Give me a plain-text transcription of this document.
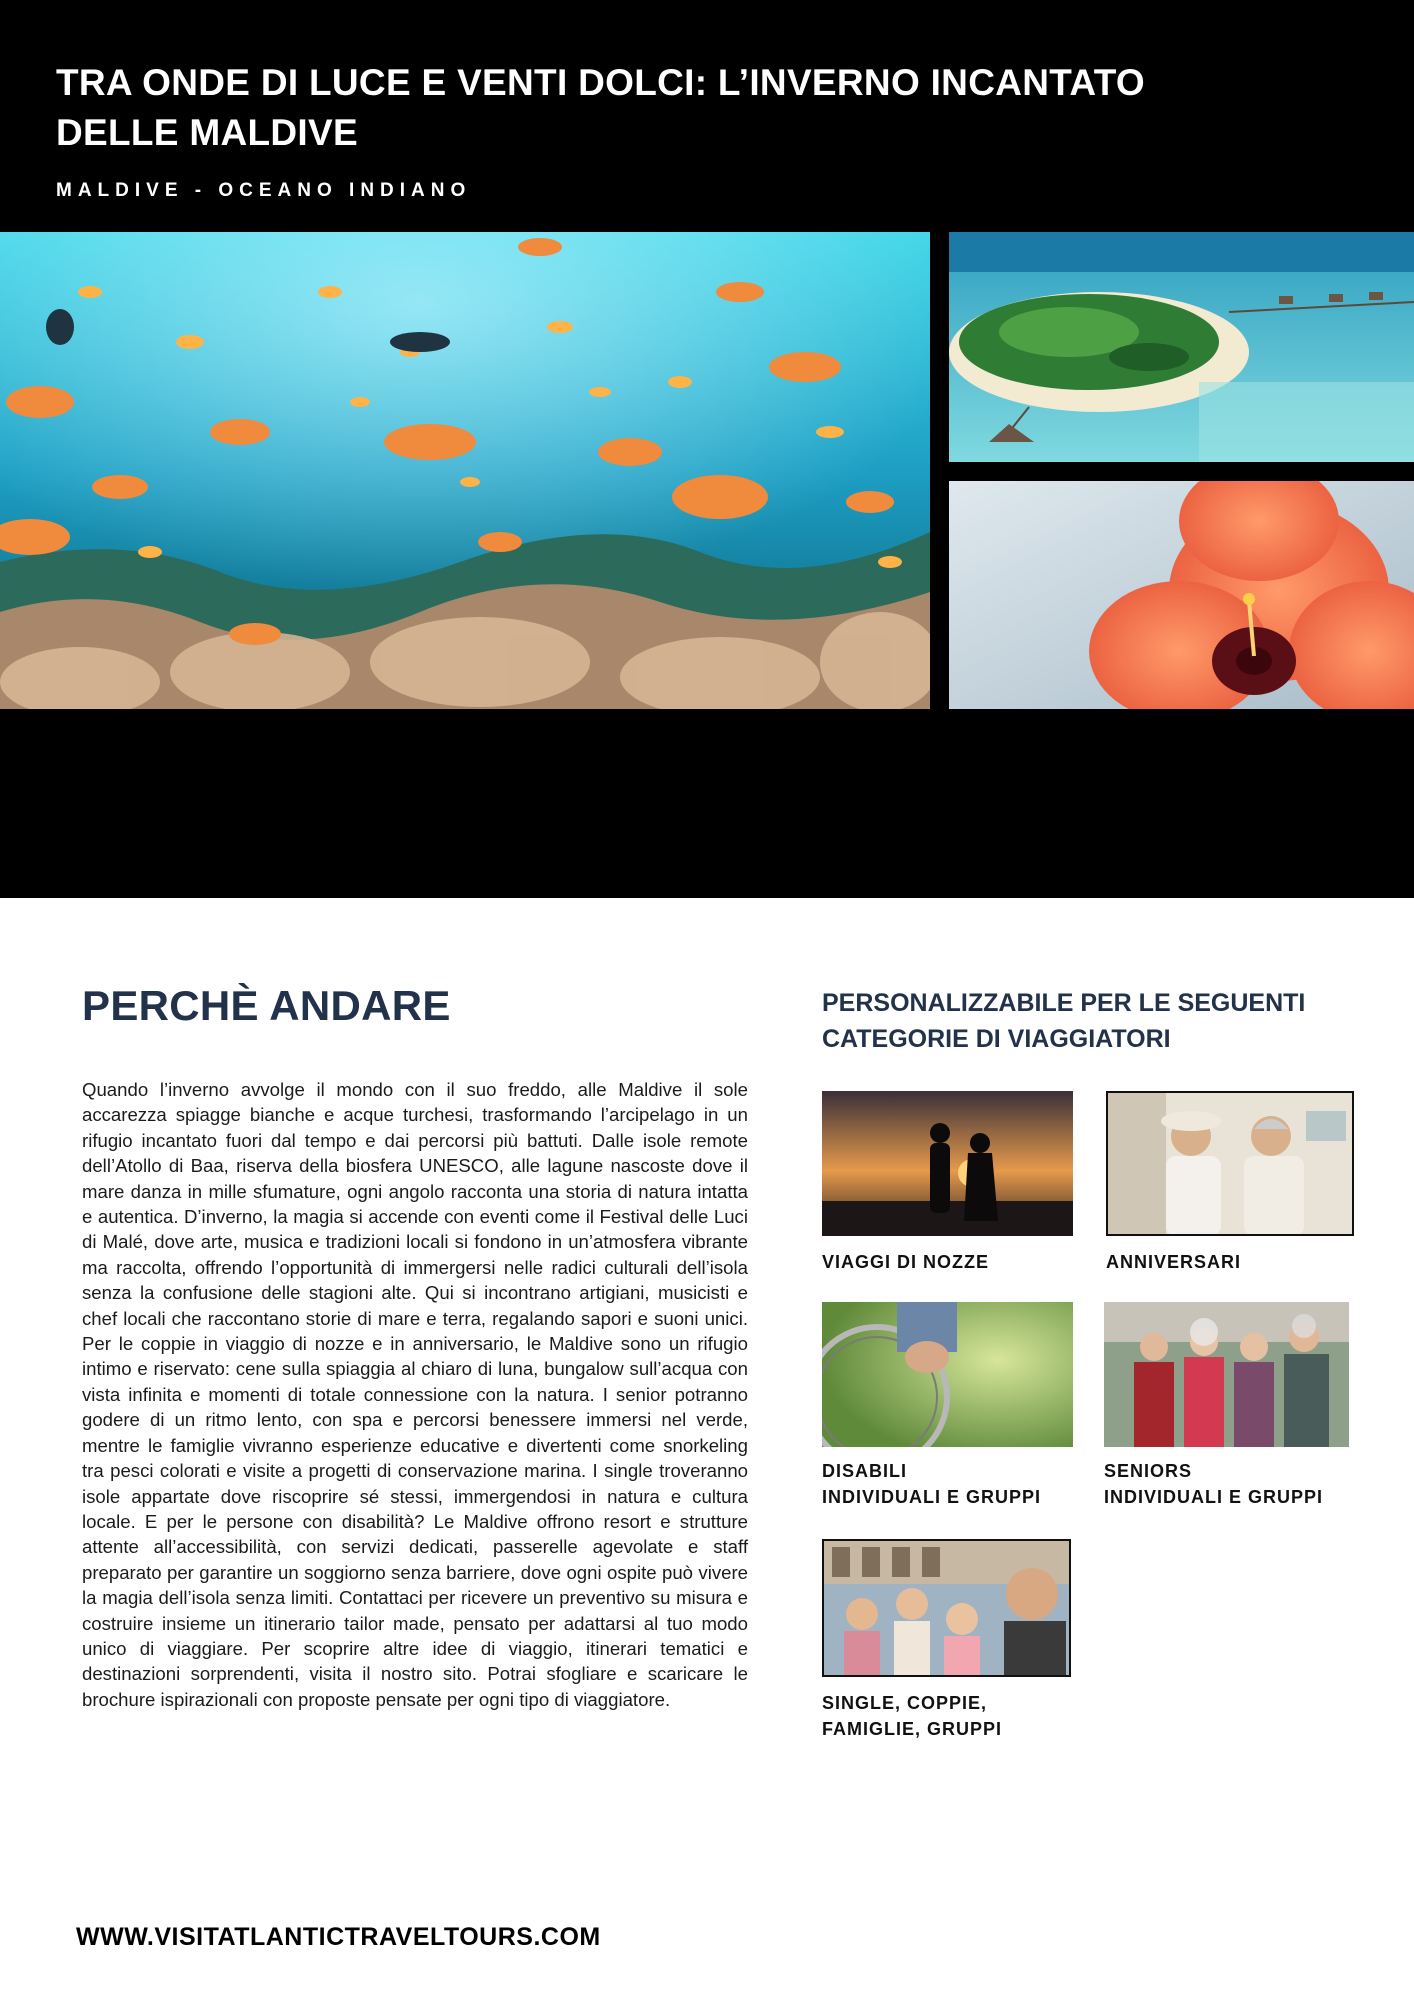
TRA ONDE DI LUCE E VENTI DOLCI: L’INVERNO INCANTATO DELLE MALDIVE
MALDIVE - OCEANO INDIANO
PERCHÈ ANDARE

Quando l’inverno avvolge il mondo con il suo freddo, alle Maldive il sole accarezza spiagge bianche e acque turchesi, trasformando l’arcipelago in un rifugio incantato fuori dal tempo e dai percorsi più battuti. Dalle isole remote dell’Atollo di Baa, riserva della biosfera UNESCO, alle lagune nascoste dove il mare danza in mille sfumature, ogni angolo racconta una storia di natura intatta e autentica. D’inverno, la magia si accende con eventi come il Festival delle Luci di Malé, dove arte, musica e tradizioni locali si fondono in un’atmosfera vibrante ma raccolta, offrendo l’opportunità di immergersi nelle radici culturali dell’isola senza la confusione delle stagioni alte. Qui si incontrano artigiani, musicisti e chef locali che raccontano storie di mare e terra, regalando sapori e suoni unici. Per le coppie in viaggio di nozze e in anniversario, le Maldive sono un rifugio intimo e riservato: cene sulla spiaggia al chiaro di luna, bungalow sull’acqua con vista infinita e momenti di totale connessione con la natura. I senior potranno godere di un ritmo lento, con spa e percorsi benessere immersi nel verde, mentre le famiglie vivranno esperienze educative e divertenti come snorkeling tra pesci colorati e visite a progetti di conservazione marina. I single troveranno isole appartate dove riscoprire sé stessi, immergendosi in natura e cultura locale. E per le persone con disabilità? Le Maldive offrono resort e strutture attente all’accessibilità, con servizi dedicati, passerelle agevolate e staff preparato per garantire un soggiorno senza barriere, dove ogni ospite può vivere la magia dell’isola senza limiti. Contattaci per ricevere un preventivo su misura e costruire insieme un itinerario tailor made, pensato per adattarsi al tuo modo unico di viaggiare. Per scoprire altre idee di viaggio, itinerari tematici e destinazioni sorprendenti, visita il nostro sito. Potrai sfogliare e scaricare le brochure ispirazionali con proposte pensate per ogni tipo di viaggiatore.

PERSONALIZZABILE PER LE SEGUENTI CATEGORIE DI VIAGGIATORI
VIAGGI DI NOZZE	ANNIVERSARI
DISABILI
INDIVIDUALI E GRUPPI
SENIORS
INDIVIDUALI E GRUPPI
SINGLE, COPPIE,
FAMIGLIE, GRUPPI
WWW.VISITATLANTICTRAVELTOURS.COM
